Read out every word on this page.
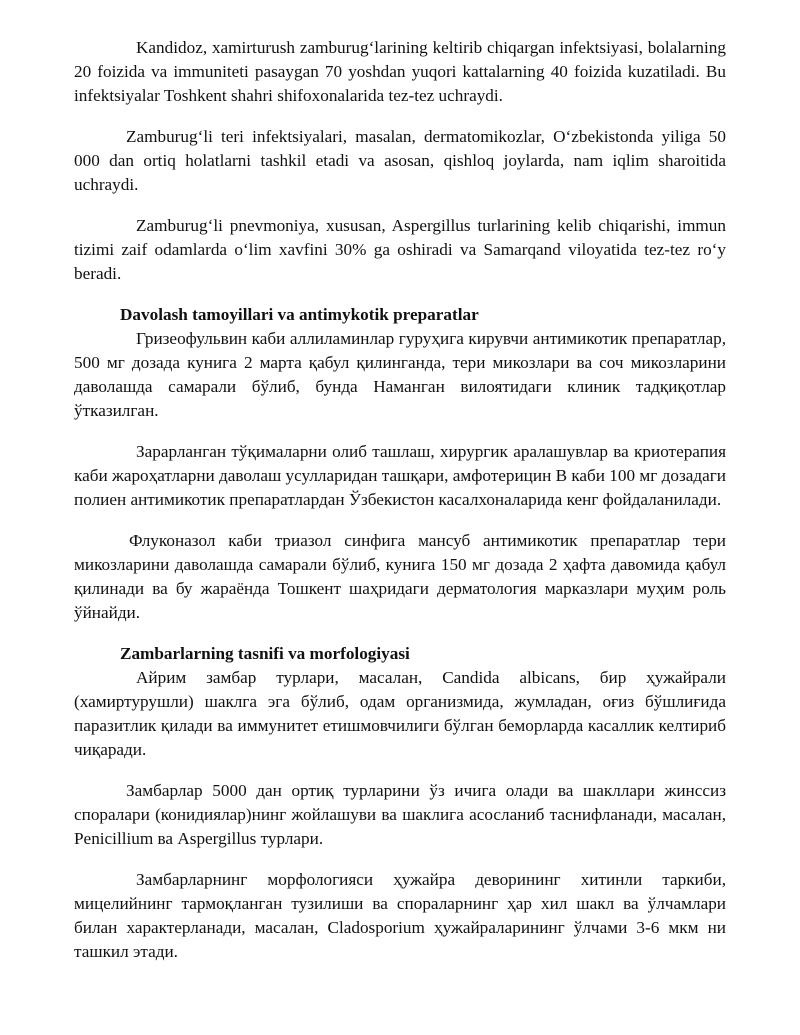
Kandidoz, xamirturush zamburugʻlarining keltirib chiqargan infektsiyasi, bolalarning 20 foizida va immuniteti pasaygan 70 yoshdan yuqori kattalarning 40 foizida kuzatiladi. Bu infektsiyalar Toshkent shahri shifoxonalarida tez-tez uchraydi.

Zamburugʻli teri infektsiyalari, masalan, dermatomikozlar, Oʻzbekistonda yiliga 50 000 dan ortiq holatlarni tashkil etadi va asosan, qishloq joylarda, nam iqlim sharoitida uchraydi.

Zamburugʻli pnevmoniya, xususan, Aspergillus turlarining kelib chiqarishi, immun tizimi zaif odamlarda oʻlim xavfini 30% ga oshiradi va Samarqand viloyatida tez-tez roʻy beradi.

Davolash tamoyillari va antimykotik preparatlar

Гризеофульвин каби аллиламинлар гуруҳига кирувчи антимикотик препаратлар, 500 мг дозада кунига 2 марта қабул қилинганда, тери микозлари ва соч микозларини даволашда самарали бўлиб, бунда Наманган вилоятидаги клиник тадқиқотлар ўтказилган.

Зарарланган тўқималарни олиб ташлаш, хирургик аралашувлар ва криотерапия каби жароҳатларни даволаш усулларидан ташқари, амфотерицин В каби 100 мг дозадаги полиен антимикотик препаратлардан Ўзбекистон касалхоналарида кенг фойдаланилади.

Флуконазол каби триазол синфига мансуб антимикотик препаратлар тери микозларини даволашда самарали бўлиб, кунига 150 мг дозада 2 ҳафта давомида қабул қилинади ва бу жараёнда Тошкент шаҳридаги дерматология марказлари муҳим роль ўйнайди.

Zambarlarning tasnifi va morfologiyasi

Айрим замбар турлари, масалан, Candida albicans, бир ҳужайрали (хамиртурушли) шаклга эга бўлиб, одам организмида, жумладан, оғиз бўшлиғида паразитлик қилади ва иммунитет етишмовчилиги бўлган беморларда касаллик келтириб чиқаради.

Замбарлар 5000 дан ортиқ турларини ўз ичига олади ва шакллари жинссиз споралари (конидиялар)нинг жойлашуви ва шаклига асосланиб таснифланади, масалан, Penicillium ва Aspergillus турлари.

Замбарларнинг морфологияси ҳужайра деворининг хитинли таркиби, мицелийнинг тармоқланган тузилиши ва спораларнинг ҳар хил шакл ва ўлчамлари билан характерланади, масалан, Cladosporium ҳужайраларининг ўлчами 3-6 мкм ни ташкил этади.
